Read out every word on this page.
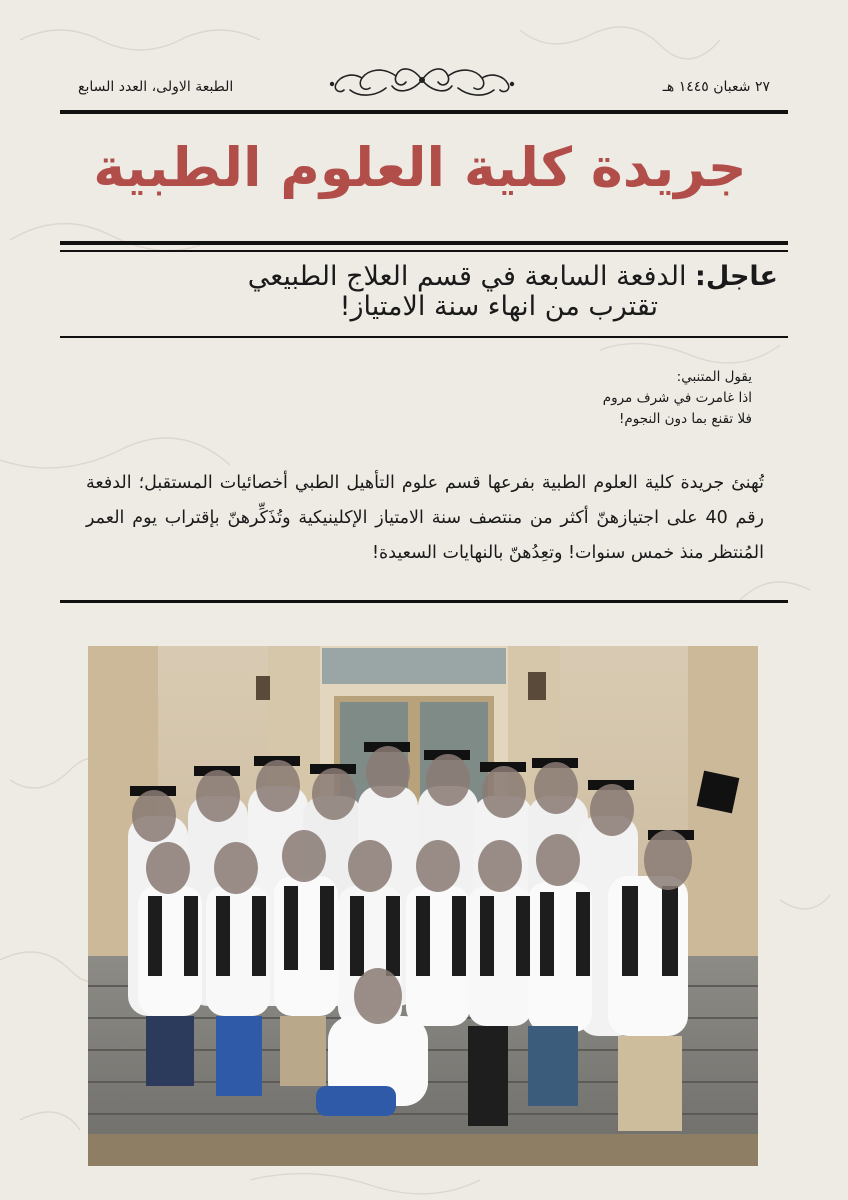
٢٧ شعبان ١٤٤٥ هـ
الطبعة الاولى، العدد السابع
جريدة كلية العلوم الطبية
عاجل: الدفعة السابعة في قسم العلاج الطبيعي
تقترب من انهاء سنة الامتياز!
يقول المتنبي:
اذا غامرت في شرف مروم
فلا تقنع بما دون النجوم!
تُهنئ جريدة كلية العلوم الطبية بفرعها قسم علوم التأهيل الطبي أخصائيات المستقبل؛ الدفعة رقم 40 على اجتيازهنّ أكثر من منتصف سنة الامتياز الإكلينيكية وتُذَكِّرهنّ بإقتراب يوم العمر المُنتظر منذ خمس سنوات! وتعِدُهنّ بالنهايات السعيدة!
